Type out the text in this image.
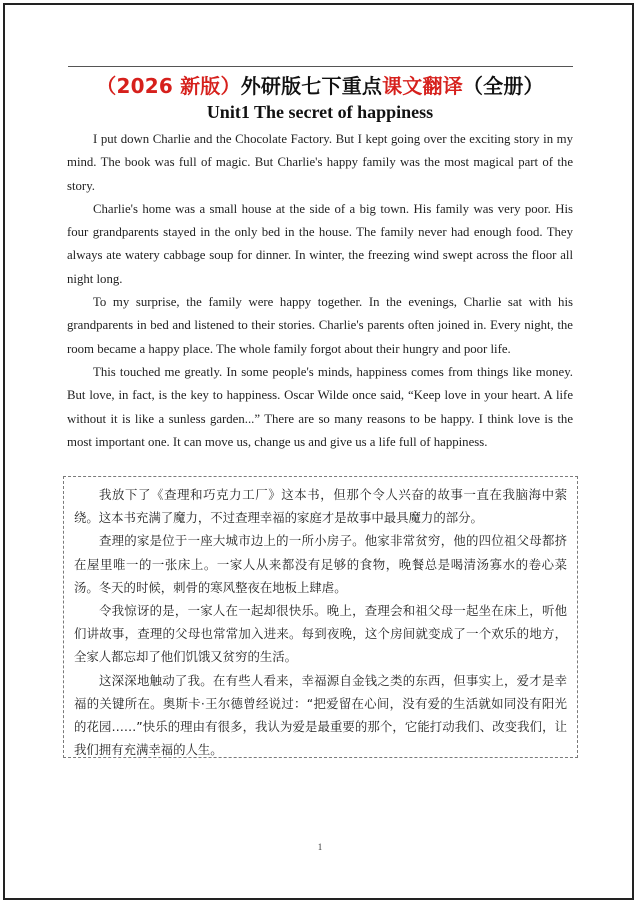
（2026 新版）外研版七下重点课文翻译（全册）
Unit1 The secret of happiness

I put down Charlie and the Chocolate Factory. But I kept going over the exciting story in my mind. The book was full of magic. But Charlie's happy family was the most magical part of the story.

Charlie's home was a small house at the side of a big town. His family was very poor. His four grandparents stayed in the only bed in the house. The family never had enough food. They always ate watery cabbage soup for dinner. In winter, the freezing wind swept across the floor all night long.

To my surprise, the family were happy together. In the evenings, Charlie sat with his grandparents in bed and listened to their stories. Charlie's parents often joined in. Every night, the room became a happy place. The whole family forgot about their hungry and poor life.

This touched me greatly. In some people's minds, happiness comes from things like money. But love, in fact, is the key to happiness. Oscar Wilde once said, “Keep love in your heart. A life without it is like a sunless garden...” There are so many reasons to be happy. I think love is the most important one. It can move us, change us and give us a life full of happiness.

我放下了《查理和巧克力工厂》这本书，但那个令人兴奋的故事一直在我脑海中萦绕。这本书充满了魔力，不过查理幸福的家庭才是故事中最具魔力的部分。

查理的家是位于一座大城市边上的一所小房子。他家非常贫穷，他的四位祖父母都挤在屋里唯一的一张床上。一家人从来都没有足够的食物，晚餐总是喝清汤寡水的卷心菜汤。冬天的时候，刺骨的寒风整夜在地板上肆虐。

令我惊讶的是，一家人在一起却很快乐。晚上，查理会和祖父母一起坐在床上，听他们讲故事，查理的父母也常常加入进来。每到夜晚，这个房间就变成了一个欢乐的地方，全家人都忘却了他们饥饿又贫穷的生活。

这深深地触动了我。在有些人看来，幸福源自金钱之类的东西，但事实上，爱才是幸福的关键所在。奥斯卡·王尔德曾经说过：“把爱留在心间，没有爱的生活就如同没有阳光的花园……”快乐的理由有很多，我认为爱是最重要的那个，它能打动我们、改变我们，让我们拥有充满幸福的人生。

1
